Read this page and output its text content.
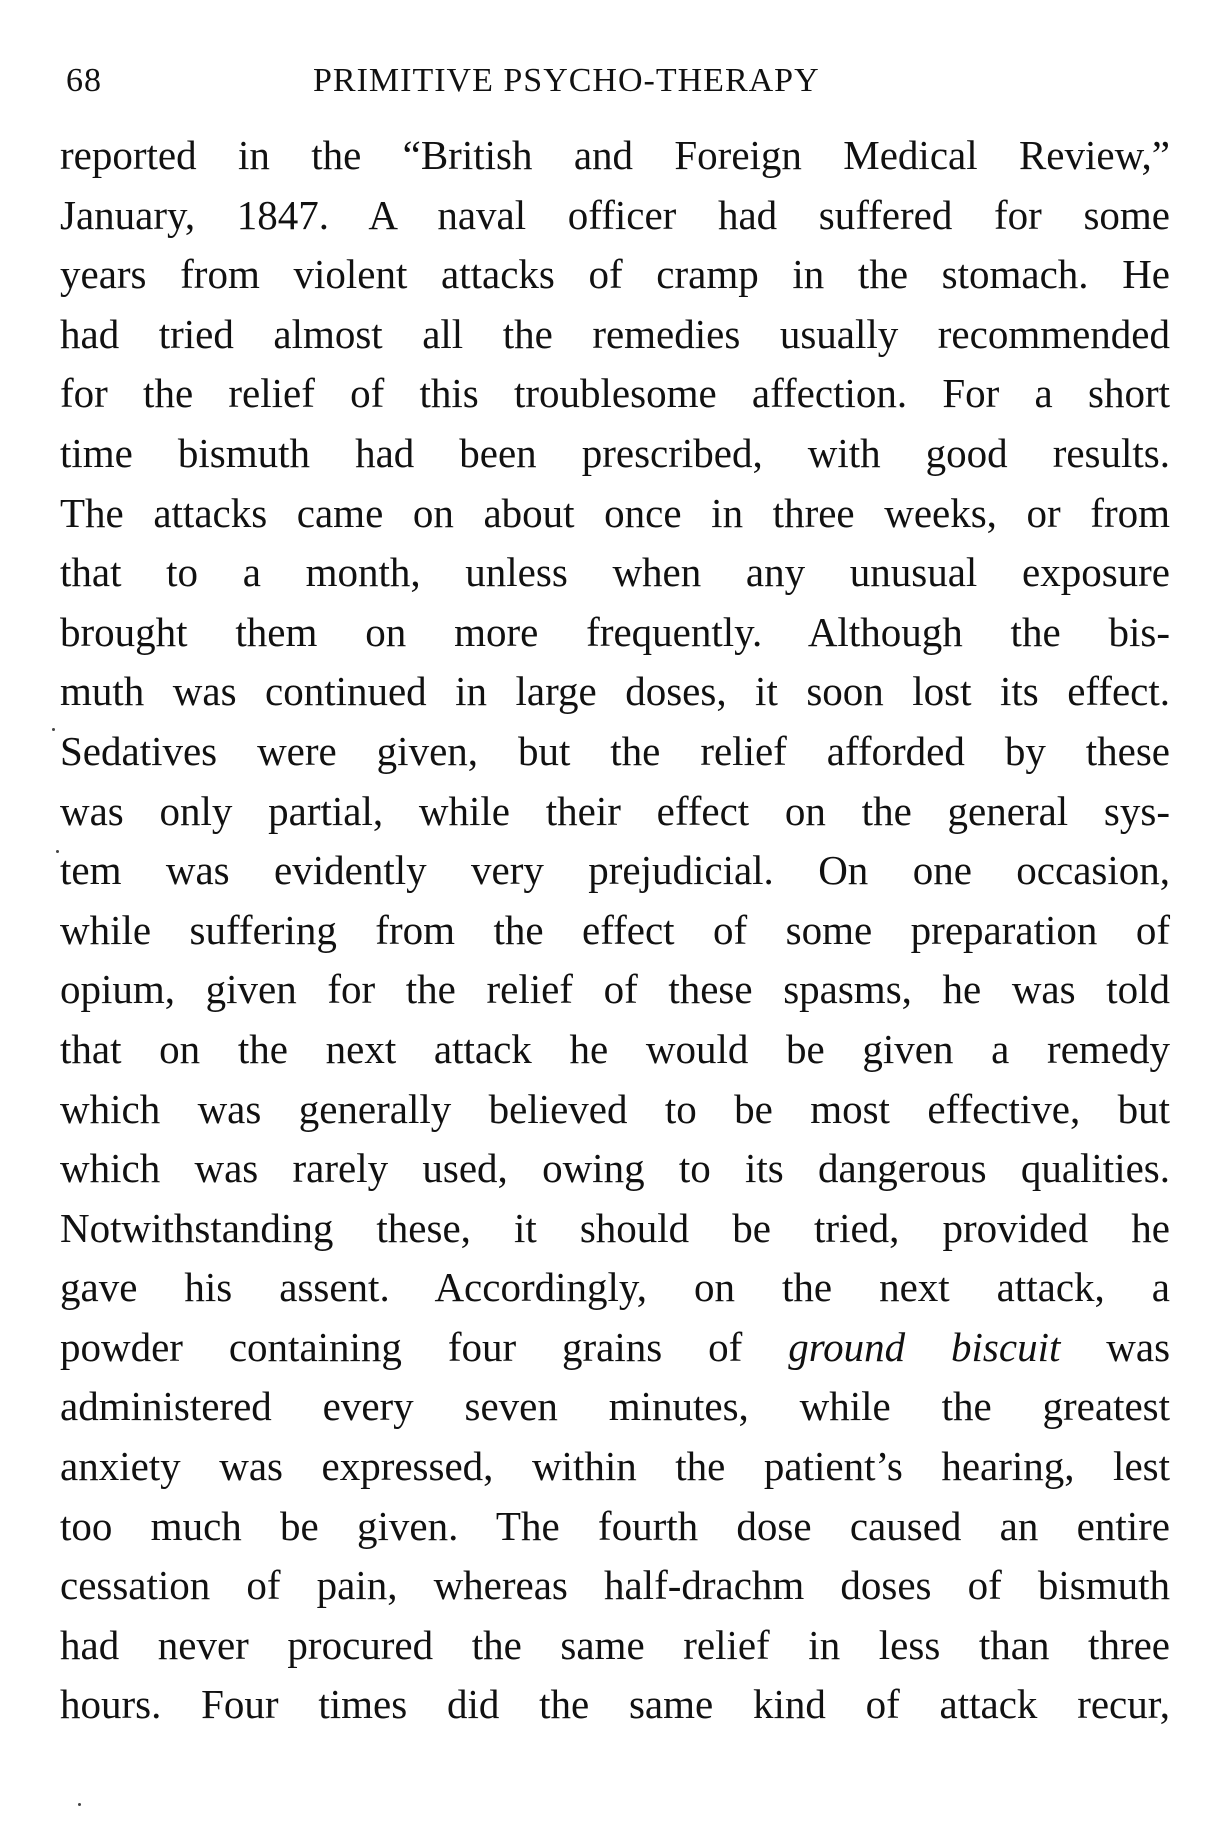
68	PRIMITIVE PSYCHO-THERAPY
reported in the “British and Foreign Medical Review,”
January, 1847. A naval officer had suffered for some
years from violent attacks of cramp in the stomach. He
had tried almost all the remedies usually recommended
for the relief of this troublesome affection. For a short
time bismuth had been prescribed, with good results.
The attacks came on about once in three weeks, or from
that to a month, unless when any unusual exposure
brought them on more frequently. Although the bis-
muth was continued in large doses, it soon lost its effect.
Sedatives were given, but the relief afforded by these
was only partial, while their effect on the general sys-
tem was evidently very prejudicial. On one occasion,
while suffering from the effect of some preparation of
opium, given for the relief of these spasms, he was told
that on the next attack he would be given a remedy
which was generally believed to be most effective, but
which was rarely used, owing to its dangerous qualities.
Notwithstanding these, it should be tried, provided he
gave his assent. Accordingly, on the next attack, a
powder containing four grains of ground biscuit was
administered every seven minutes, while the greatest
anxiety was expressed, within the patient’s hearing, lest
too much be given. The fourth dose caused an entire
cessation of pain, whereas half-drachm doses of bismuth
had never procured the same relief in less than three
hours. Four times did the same kind of attack recur,
